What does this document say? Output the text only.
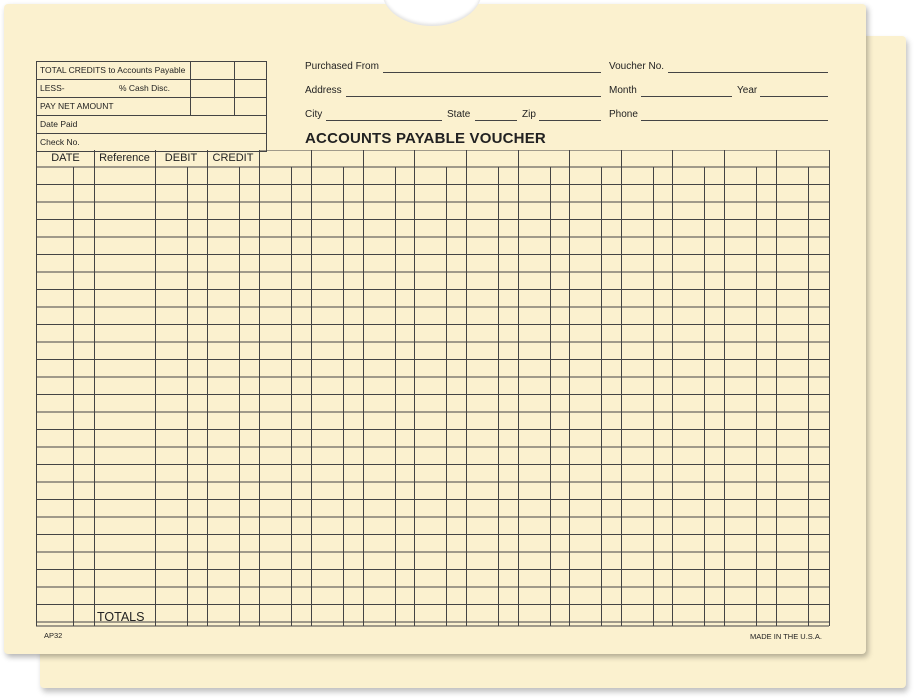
TOTAL CREDITS to Accounts Payable		
LESS- % Cash Disc.		

PAY NET AMOUNT		
Date Paid		
Check No.		
Purchased From	Voucher No.
Address	Month	Year
City	State	Zip	Phone
ACCOUNTS PAYABLE VOUCHER
DATE	Reference	DEBIT	CREDIT
TOTALS
AP32	MADE IN THE U.S.A.
